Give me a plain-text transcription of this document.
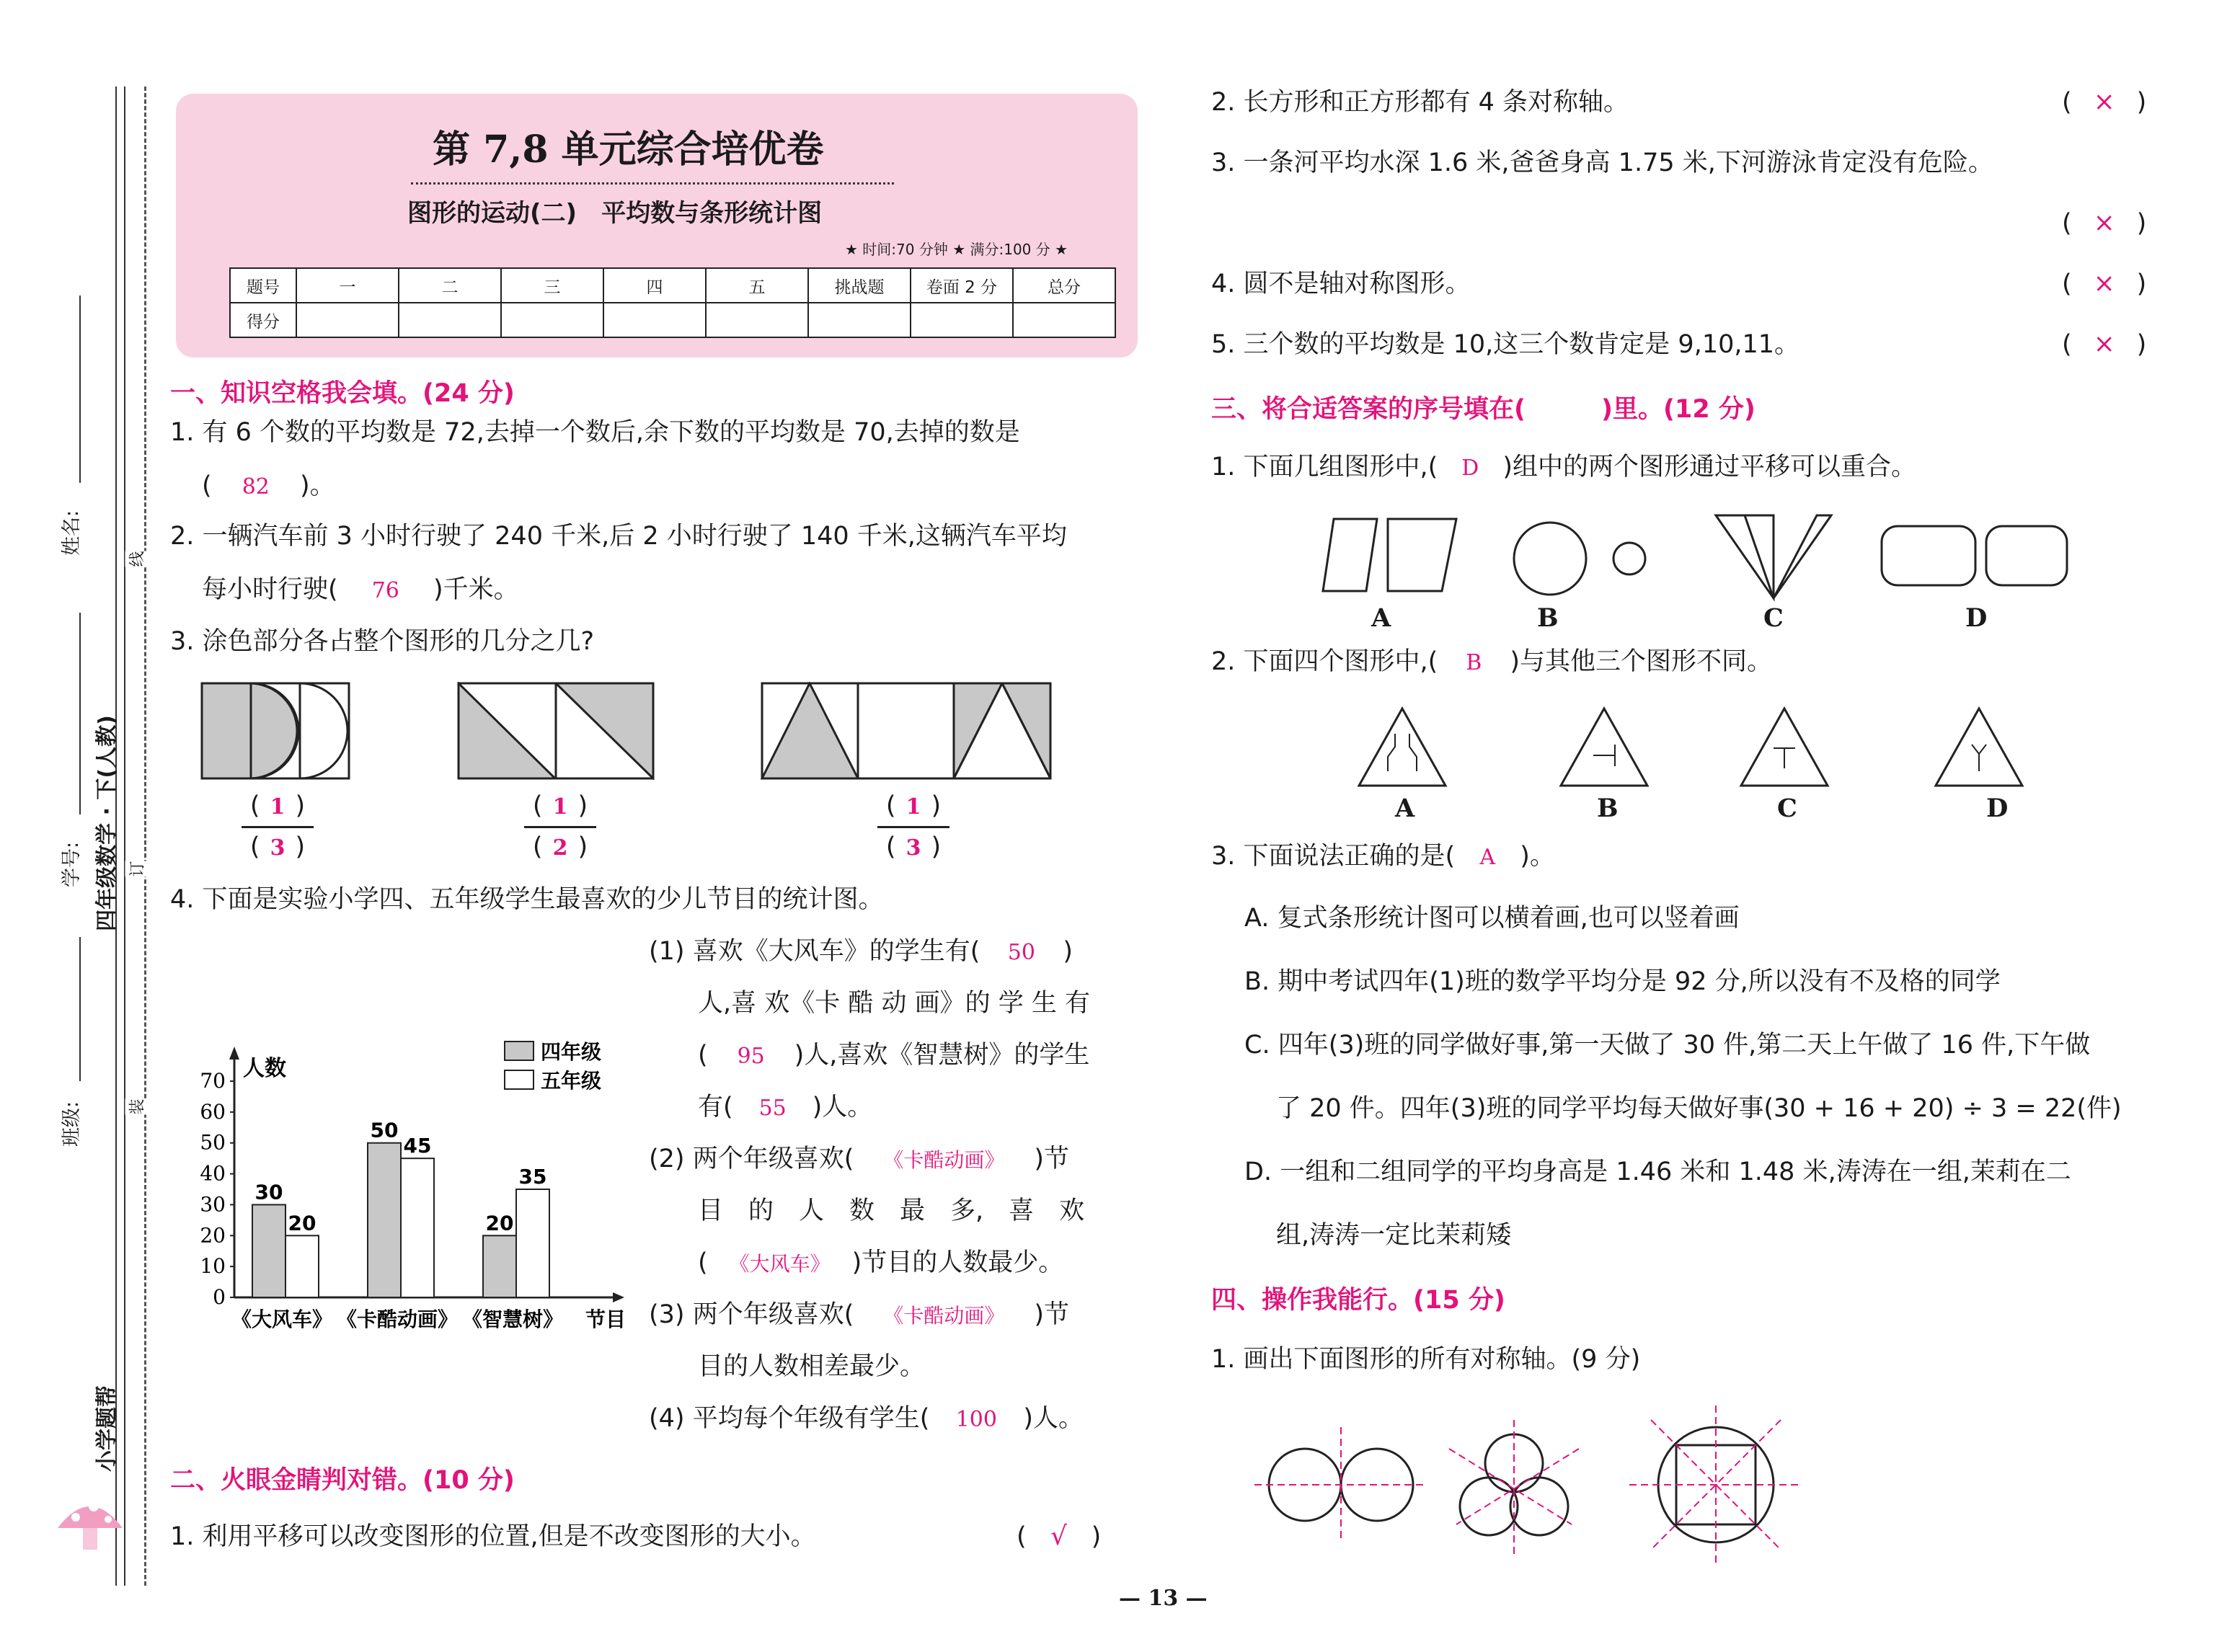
姓名:
学号: 四年级数学 · 下(人教)
班级:
小学题帮
装
订
线
第 7,8 单元综合培优卷
图形的运动(二)　平均数与条形统计图
★ 时间:70 分钟 ★ 满分:100 分 ★
题号	一	二	三	四	五	挑战题	卷面 2 分	总分
得分								
一、知识空格我会填。(24 分)
1. 有 6 个数的平均数是 72,去掉一个数后,余下数的平均数是 70,去掉的数是
( 82 )。
2. 一辆汽车前 3 小时行驶了 240 千米,后 2 小时行驶了 140 千米,这辆汽车平均
每小时行驶( 76 )千米。
3. 涂色部分各占整个图形的几分之几?
( 1 )
( 3 )
( 1 )
( 2 )
( 1 )
( 3 )
4. 下面是实验小学四、五年级学生最喜欢的少儿节目的统计图。
0
10
20
30
40
50
60
70 人数
30
20
《大风车》
50
45
《卡酷动画》
20
35
《智慧树》 节目
四年级
五年级
(1) 喜欢《大风车》的学生有( 50 )
人,喜 欢《卡 酷 动 画》的 学 生 有
( 95 )人,喜欢《智慧树》的学生
有( 55 )人。
(2) 两个年级喜欢( 《卡酷动画》 )节
目　的　人　数　最　多,　喜　欢
( 《大风车》 )节目的人数最少。
(3) 两个年级喜欢( 《卡酷动画》 )节
目的人数相差最少。
(4) 平均每个年级有学生( 100 )人。
二、火眼金睛判对错。(10 分)
1. 利用平移可以改变图形的位置,但是不改变图形的大小。	( √ )
2. 长方形和正方形都有 4 条对称轴。	( × )
3. 一条河平均水深 1.6 米,爸爸身高 1.75 米,下河游泳肯定没有危险。
( × )
4. 圆不是轴对称图形。	( × )
5. 三个数的平均数是 10,这三个数肯定是 9,10,11。	( × )
三、将合适答案的序号填在(　　　)里。(12 分)
1. 下面几组图形中,( D )组中的两个图形通过平移可以重合。
A	B	C	D
2. 下面四个图形中,( B )与其他三个图形不同。
A	B	C	D
3. 下面说法正确的是( A )。
A. 复式条形统计图可以横着画,也可以竖着画
B. 期中考试四年(1)班的数学平均分是 92 分,所以没有不及格的同学
C. 四年(3)班的同学做好事,第一天做了 30 件,第二天上午做了 16 件,下午做
了 20 件。四年(3)班的同学平均每天做好事(30 + 16 + 20) ÷ 3 = 22(件)
D. 一组和二组同学的平均身高是 1.46 米和 1.48 米,涛涛在一组,茉莉在二
组,涛涛一定比茉莉矮
四、操作我能行。(15 分)
1. 画出下面图形的所有对称轴。(9 分)
— 13 —
